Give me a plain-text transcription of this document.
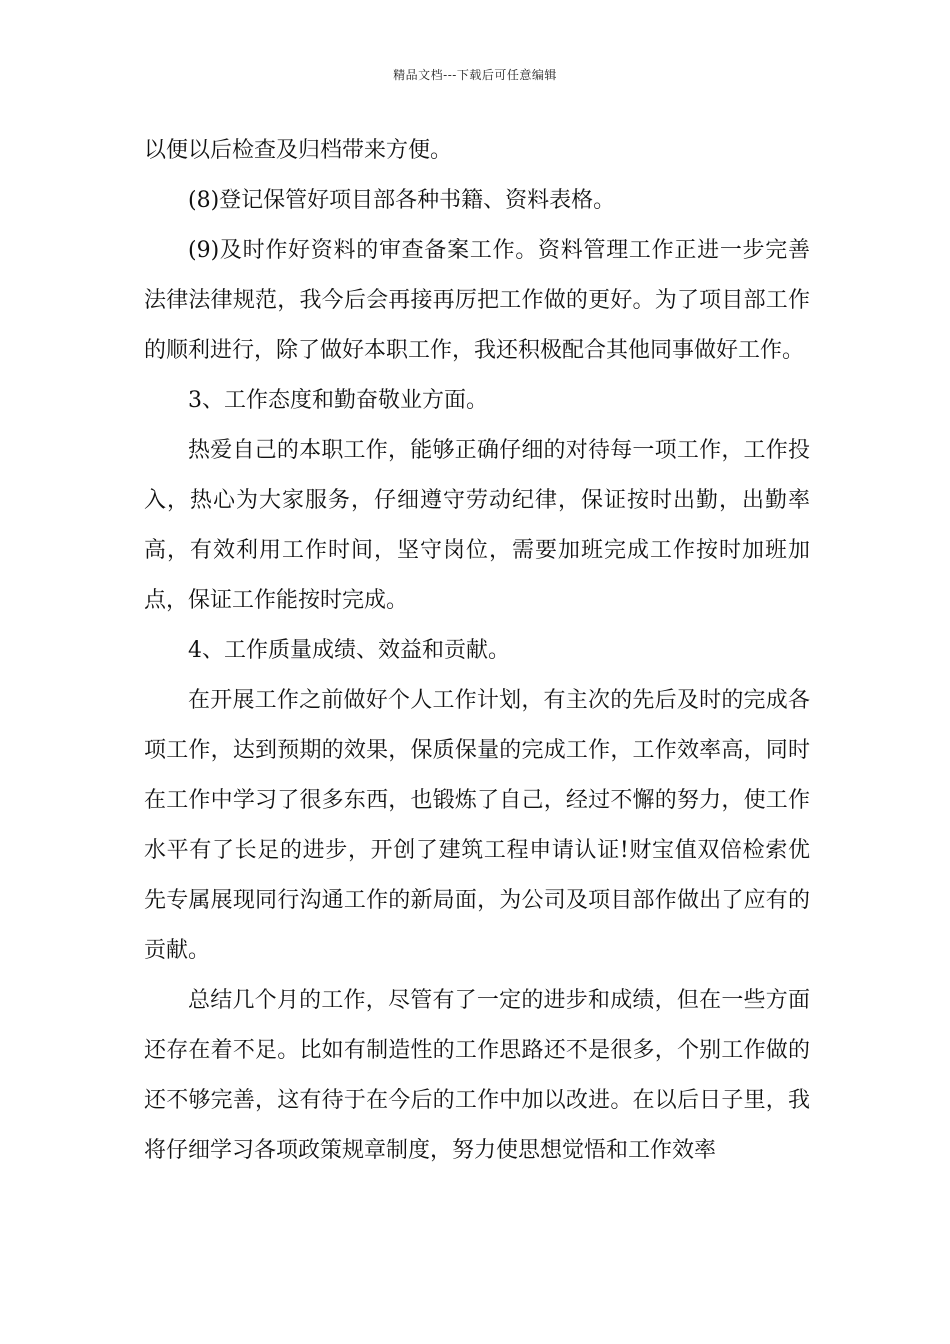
精品文档---下载后可任意编辑

以便以后检查及归档带来方便。

(8)登记保管好项目部各种书籍、资料表格。

(9)及时作好资料的审查备案工作。资料管理工作正进一步完善法律法律规范，我今后会再接再厉把工作做的更好。为了项目部工作的顺利进行，除了做好本职工作，我还积极配合其他同事做好工作。

3、工作态度和勤奋敬业方面。

热爱自己的本职工作，能够正确仔细的对待每一项工作，工作投入，热心为大家服务，仔细遵守劳动纪律，保证按时出勤，出勤率高，有效利用工作时间，坚守岗位，需要加班完成工作按时加班加点，保证工作能按时完成。

4、工作质量成绩、效益和贡献。

在开展工作之前做好个人工作计划，有主次的先后及时的完成各项工作，达到预期的效果，保质保量的完成工作，工作效率高，同时在工作中学习了很多东西，也锻炼了自己，经过不懈的努力，使工作水平有了长足的进步，开创了建筑工程申请认证!财宝值双倍检索优先专属展现同行沟通工作的新局面，为公司及项目部作做出了应有的贡献。

总结几个月的工作，尽管有了一定的进步和成绩，但在一些方面还存在着不足。比如有制造性的工作思路还不是很多，个别工作做的还不够完善，这有待于在今后的工作中加以改进。在以后日子里，我将仔细学习各项政策规章制度，努力使思想觉悟和工作效率
